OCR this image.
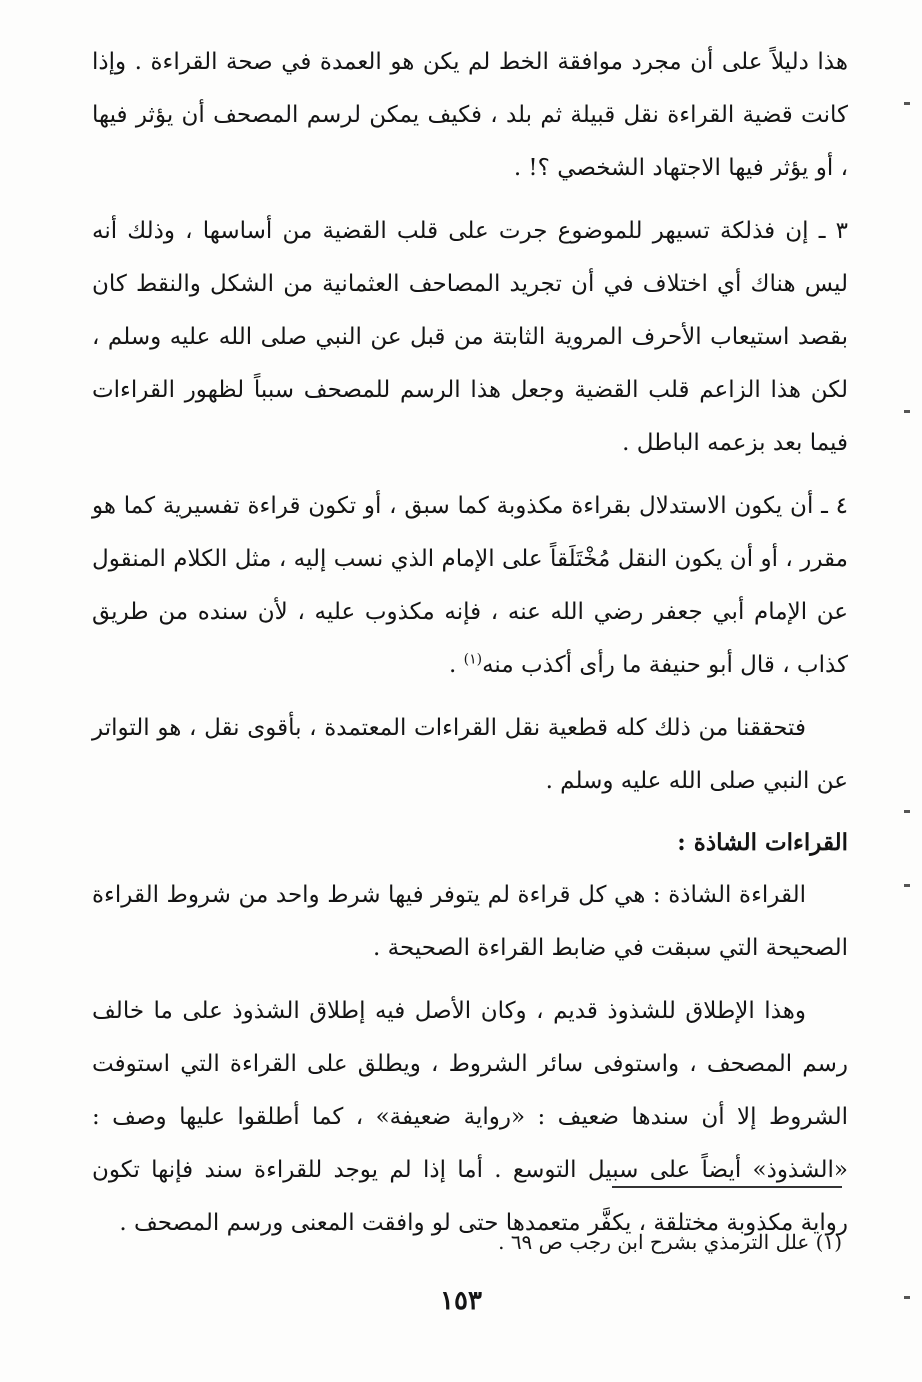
هذا دليلاً على أن مجرد موافقة الخط لم يكن هو العمدة في صحة القراءة . وإذا كانت قضية القراءة نقل قبيلة ثم بلد ، فكيف يمكن لرسم المصحف أن يؤثر فيها ، أو يؤثر فيها الاجتهاد الشخصي ؟! .

٣ ـ إن فذلكة تسيهر للموضوع جرت على قلب القضية من أساسها ، وذلك أنه ليس هناك أي اختلاف في أن تجريد المصاحف العثمانية من الشكل والنقط كان بقصد استيعاب الأحرف المروية الثابتة من قبل عن النبي صلى الله عليه وسلم ، لكن هذا الزاعم قلب القضية وجعل هذا الرسم للمصحف سبباً لظهور القراءات فيما بعد بزعمه الباطل .

٤ ـ أن يكون الاستدلال بقراءة مكذوبة كما سبق ، أو تكون قراءة تفسيرية كما هو مقرر ، أو أن يكون النقل مُخْتَلَقاً على الإمام الذي نسب إليه ، مثل الكلام المنقول عن الإمام أبي جعفر رضي الله عنه ، فإنه مكذوب عليه ، لأن سنده من طريق كذاب ، قال أبو حنيفة ما رأى أكذب منه$^{(١)}$ .

فتحققنا من ذلك كله قطعية نقل القراءات المعتمدة ، بأقوى نقل ، هو التواتر عن النبي صلى الله عليه وسلم .

القراءات الشاذة :

القراءة الشاذة : هي كل قراءة لم يتوفر فيها شرط واحد من شروط القراءة الصحيحة التي سبقت في ضابط القراءة الصحيحة .

وهذا الإطلاق للشذوذ قديم ، وكان الأصل فيه إطلاق الشذوذ على ما خالف رسم المصحف ، واستوفى سائر الشروط ، ويطلق على القراءة التي استوفت الشروط إلا أن سندها ضعيف : «رواية ضعيفة» ، كما أطلقوا عليها وصف : «الشذوذ» أيضاً على سبيل التوسع . أما إذا لم يوجد للقراءة سند فإنها تكون رواية مكذوبة مختلقة ، يكفَّر متعمدها حتى لو وافقت المعنى ورسم المصحف .

(١) علل الترمذي بشرح ابن رجب ص ٦٩ .

١٥٣
